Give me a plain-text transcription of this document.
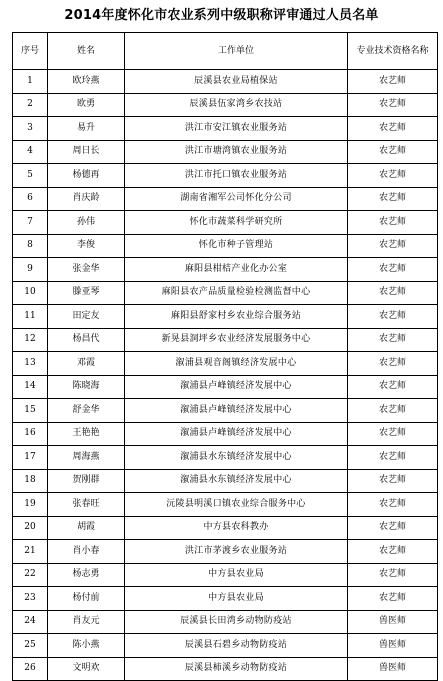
2014年度怀化市农业系列中级职称评审通过人员名单
序号	姓名	工作单位	专业技术资格名称
1	欧玲燕	辰溪县农业局植保站	农艺师
2	欧勇	辰溪县伍家湾乡农技站	农艺师
3	易升	洪江市安江镇农业服务站	农艺师
4	周日长	洪江市塘湾镇农业服务站	农艺师
5	杨德再	洪江市托口镇农业服务站	农艺师
6	肖庆龄	湖南省湘军公司怀化分公司	农艺师
7	孙伟	怀化市蔬菜科学研究所	农艺师
8	李俊	怀化市种子管理站	农艺师
9	张金华	麻阳县柑桔产业化办公室	农艺师
10	滕亚琴	麻阳县农产品质量检验检测监督中心	农艺师
11	田定友	麻阳县舒家村乡农业综合服务站	农艺师
12	杨昌代	新晃县洞坪乡农业经济发展服务中心	农艺师
13	邓霞	溆浦县观音阁镇经济发展中心	农艺师
14	陈晓海	溆浦县卢峰镇经济发展中心	农艺师
15	舒金华	溆浦县卢峰镇经济发展中心	农艺师
16	王艳艳	溆浦县卢峰镇经济发展中心	农艺师
17	周海燕	溆浦县水东镇经济发展中心	农艺师
18	贺刚群	溆浦县水东镇经济发展中心	农艺师
19	张春旺	沅陵县明溪口镇农业综合服务中心	农艺师
20	胡霞	中方县农科教办	农艺师
21	肖小春	洪江市茅渡乡农业服务站	农艺师
22	杨志勇	中方县农业局	农艺师
23	杨付前	中方县农业局	农艺师
24	肖友元	辰溪县长田湾乡动物防疫站	兽医师
25	陈小燕	辰溪县石碧乡动物防疫站	兽医师
26	文明欢	辰溪县柿溪乡动物防疫站	兽医师
